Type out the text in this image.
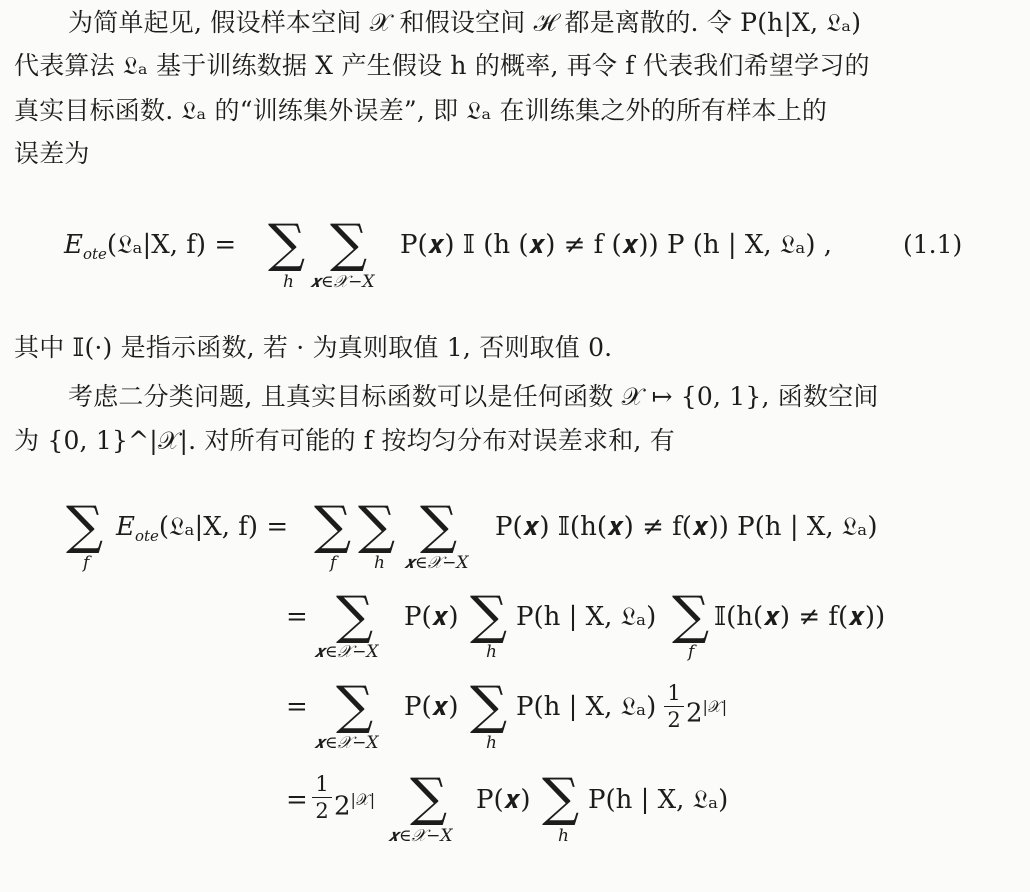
为简单起见, 假设样本空间 𝒳 和假设空间 ℋ 都是离散的. 令 P(h|X, 𝔏ₐ)
代表算法 𝔏ₐ 基于训练数据 X 产生假设 h 的概率, 再令 f 代表我们希望学习的
真实目标函数. 𝔏ₐ 的“训练集外误差”, 即 𝔏ₐ 在训练集之外的所有样本上的
误差为
$E_{ote}(𝔏_a|X$, f) = ∑
h
∑
𝒙∈𝒳−X
P(𝒙) 𝕀 (h (𝒙) ≠ f (𝒙)) P (h | X, 𝔏ₐ) ,	(1.1)
其中 𝕀(·) 是指示函数, 若 · 为真则取值 1, 否则取值 0.
考虑二分类问题, 且真实目标函数可以是任何函数 𝒳 ↦ {0, 1}, 函数空间
为 {0, 1}^|𝒳|. 对所有可能的 f 按均匀分布对误差求和, 有
∑
f
$E_{ote}(𝔏_a|X$, f) = ∑
f
∑
h
∑
𝒙∈𝒳−X
P(𝒙) 𝕀(h(𝒙) ≠ f(𝒙)) P(h | X, 𝔏ₐ)
= ∑
𝒙∈𝒳−X
P(𝒙) ∑
h
P(h | X, 𝔏ₐ) ∑
f
𝕀(h(𝒙) ≠ f(𝒙))
= ∑
𝒙∈𝒳−X
P(𝒙) ∑
h
P(h | X, 𝔏ₐ) 1
2 $2^{|𝒳|}$
=
1
2 $2^{|𝒳|}$ ∑
𝒙∈𝒳−X
P(𝒙) ∑
h
P(h | X, 𝔏ₐ)
